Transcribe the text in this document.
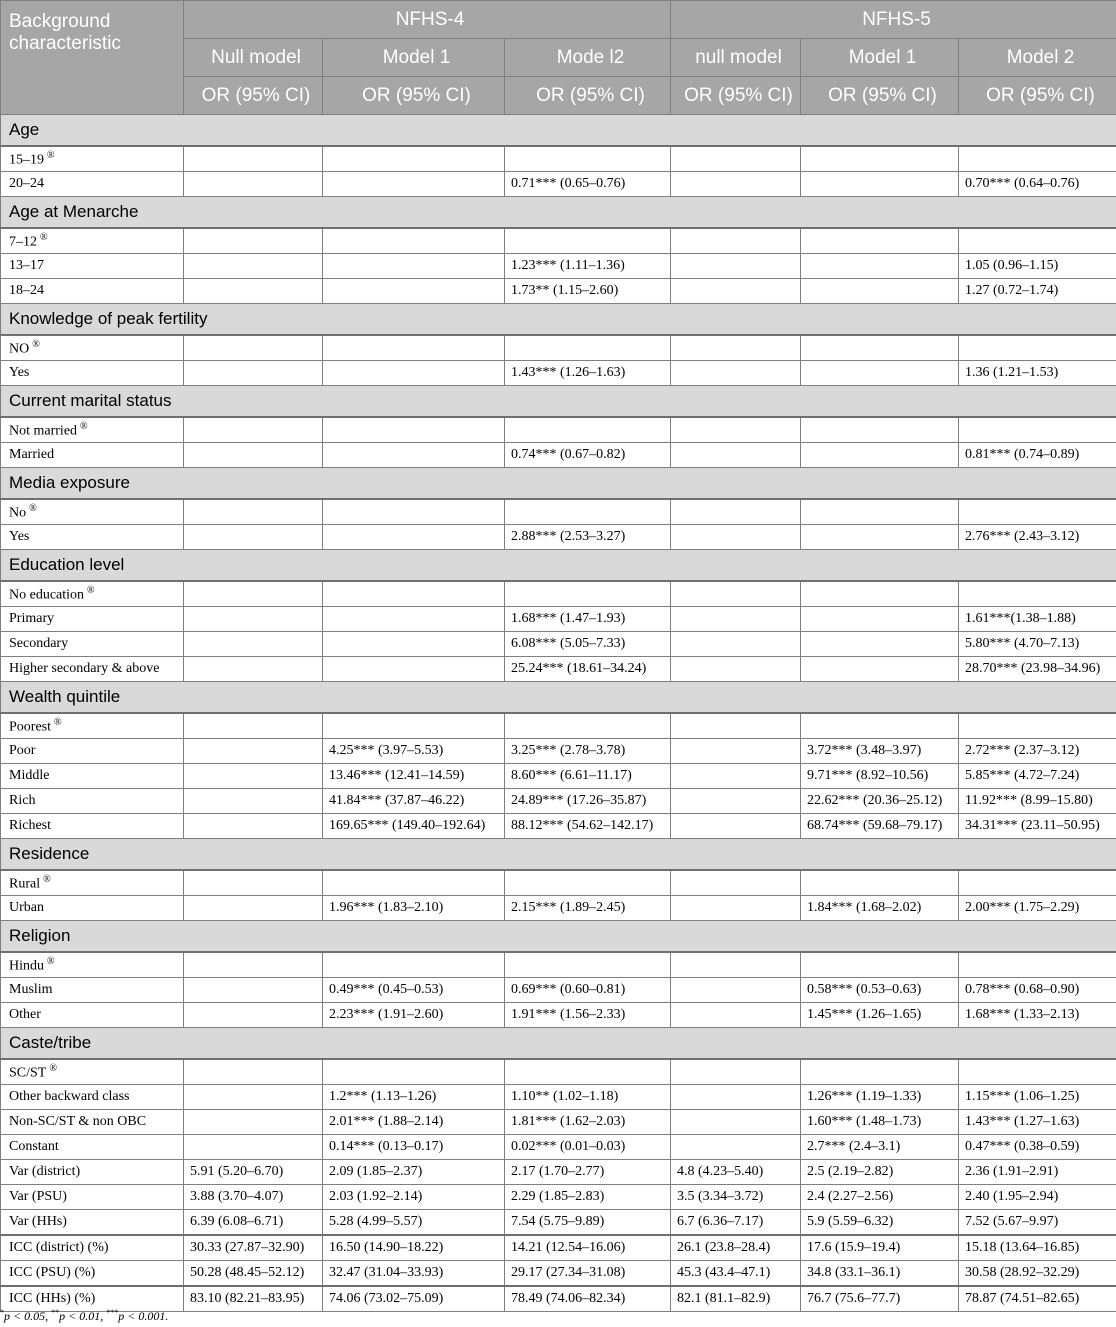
Background characteristic	NFHS-4			NFHS-5		
	Null model	Model 1	Mode l2	null model	Model 1	Model 2
	OR (95% CI)	OR (95% CI)	OR (95% CI)	OR (95% CI)	OR (95% CI)	OR (95% CI)
Age						
15–19 ®						
20–24			0.71*** (0.65–0.76)			0.70*** (0.64–0.76)
Age at Menarche						
7–12 ®						
13–17			1.23*** (1.11–1.36)			1.05 (0.96–1.15)
18–24			1.73** (1.15–2.60)			1.27 (0.72–1.74)
Knowledge of peak fertility						
NO ®						
Yes			1.43*** (1.26–1.63)			1.36 (1.21–1.53)
Current marital status						
Not married ®						
Married			0.74*** (0.67–0.82)			0.81*** (0.74–0.89)
Media exposure						
No ®						
Yes			2.88*** (2.53–3.27)			2.76*** (2.43–3.12)
Education level						
No education ®						
Primary			1.68*** (1.47–1.93)			1.61***(1.38–1.88)
Secondary			6.08*** (5.05–7.33)			5.80*** (4.70–7.13)
Higher secondary & above			25.24*** (18.61–34.24)			28.70*** (23.98–34.96)
Wealth quintile						
Poorest ®						
Poor		4.25*** (3.97–5.53)	3.25*** (2.78–3.78)		3.72*** (3.48–3.97)	2.72*** (2.37–3.12)
Middle		13.46*** (12.41–14.59)	8.60*** (6.61–11.17)		9.71*** (8.92–10.56)	5.85*** (4.72–7.24)
Rich		41.84*** (37.87–46.22)	24.89*** (17.26–35.87)		22.62*** (20.36–25.12)	11.92*** (8.99–15.80)
Richest		169.65*** (149.40–192.64)	88.12*** (54.62–142.17)		68.74*** (59.68–79.17)	34.31*** (23.11–50.95)
Residence						
Rural ®						
Urban		1.96*** (1.83–2.10)	2.15*** (1.89–2.45)		1.84*** (1.68–2.02)	2.00*** (1.75–2.29)
Religion						
Hindu ®						
Muslim		0.49*** (0.45–0.53)	0.69*** (0.60–0.81)		0.58*** (0.53–0.63)	0.78*** (0.68–0.90)
Other		2.23*** (1.91–2.60)	1.91*** (1.56–2.33)		1.45*** (1.26–1.65)	1.68*** (1.33–2.13)
Caste/tribe						
SC/ST ®						
Other backward class		1.2*** (1.13–1.26)	1.10** (1.02–1.18)		1.26*** (1.19–1.33)	1.15*** (1.06–1.25)
Non-SC/ST & non OBC		2.01*** (1.88–2.14)	1.81*** (1.62–2.03)		1.60*** (1.48–1.73)	1.43*** (1.27–1.63)
Constant		0.14*** (0.13–0.17)	0.02*** (0.01–0.03)		2.7*** (2.4–3.1)	0.47*** (0.38–0.59)
Var (district)	5.91 (5.20–6.70)	2.09 (1.85–2.37)	2.17 (1.70–2.77)	4.8 (4.23–5.40)	2.5 (2.19–2.82)	2.36 (1.91–2.91)
Var (PSU)	3.88 (3.70–4.07)	2.03 (1.92–2.14)	2.29 (1.85–2.83)	3.5 (3.34–3.72)	2.4 (2.27–2.56)	2.40 (1.95–2.94)
Var (HHs)	6.39 (6.08–6.71)	5.28 (4.99–5.57)	7.54 (5.75–9.89)	6.7 (6.36–7.17)	5.9 (5.59–6.32)	7.52 (5.67–9.97)
ICC (district) (%)	30.33 (27.87–32.90)	16.50 (14.90–18.22)	14.21 (12.54–16.06)	26.1 (23.8–28.4)	17.6 (15.9–19.4)	15.18 (13.64–16.85)
ICC (PSU) (%)	50.28 (48.45–52.12)	32.47 (31.04–33.93)	29.17 (27.34–31.08)	45.3 (43.4–47.1)	34.8 (33.1–36.1)	30.58 (28.92–32.29)
ICC (HHs) (%)	83.10 (82.21–83.95)	74.06 (73.02–75.09)	78.49 (74.06–82.34)	82.1 (81.1–82.9)	76.7 (75.6–77.7)	78.87 (74.51–82.65)
*p < 0.05, **p < 0.01, ***p < 0.001.
